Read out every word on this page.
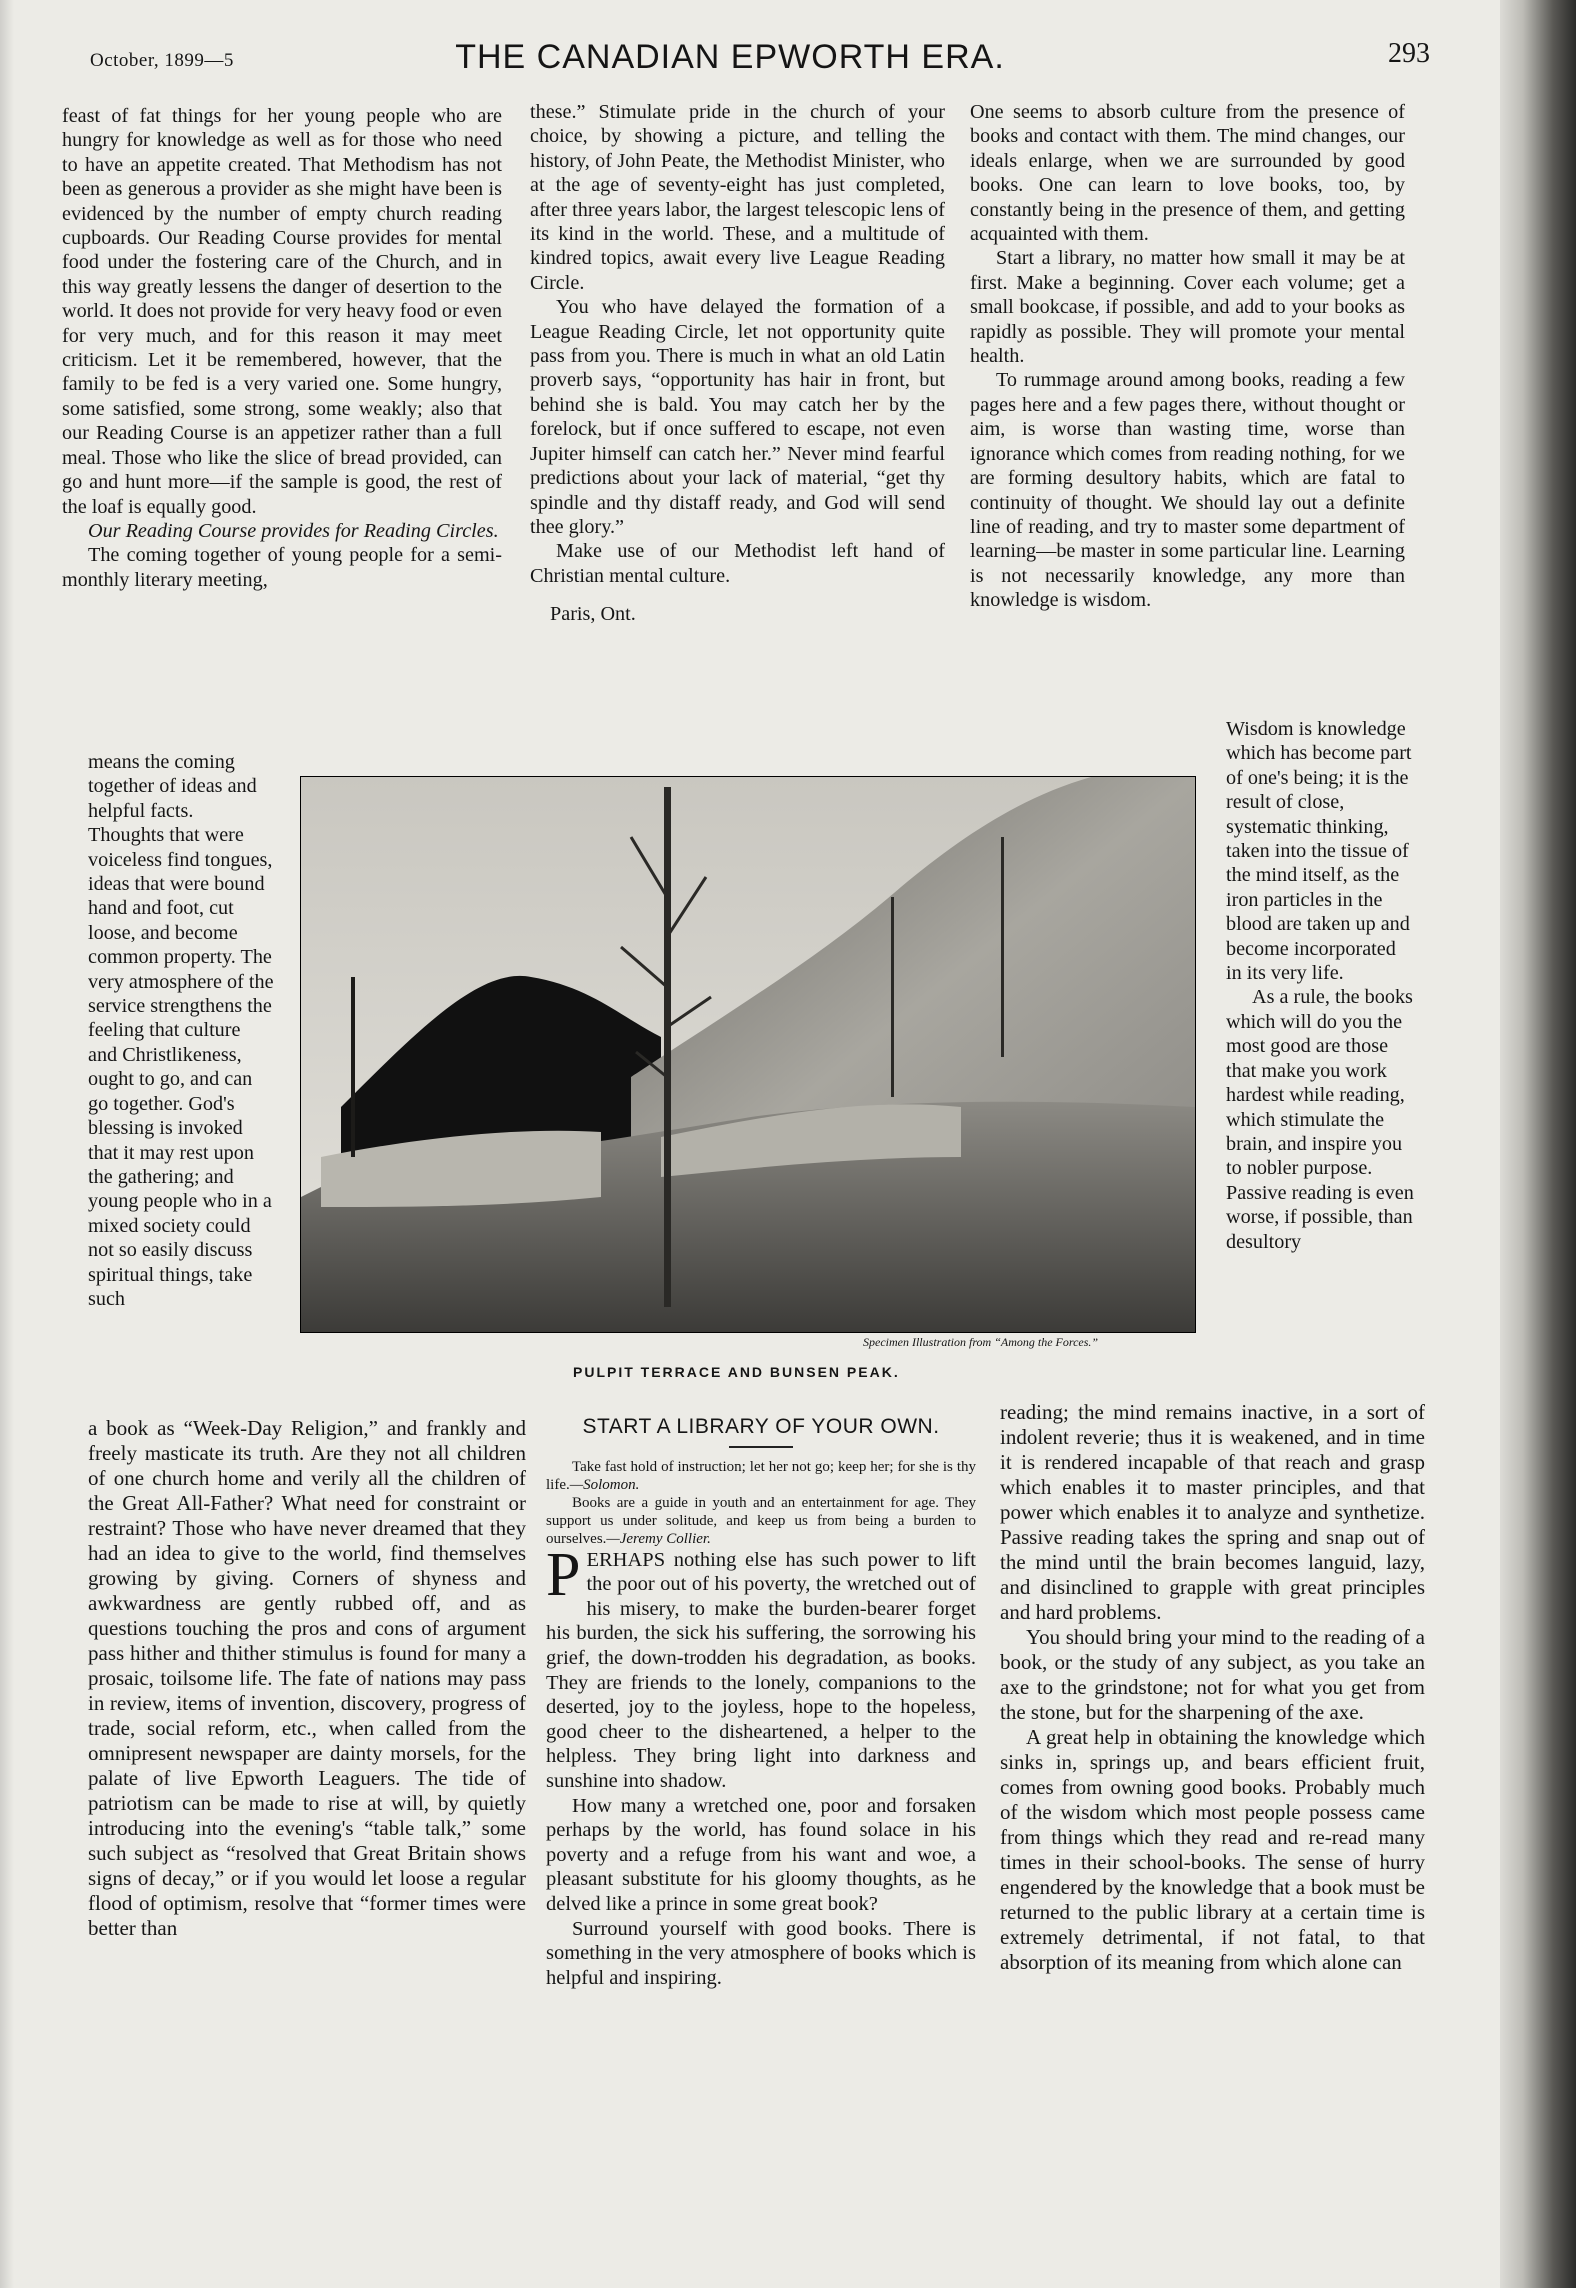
October, 1899—5	THE CANADIAN EPWORTH ERA.	293

feast of fat things for her young people who are hungry for knowledge as well as for those who need to have an appetite created. That Methodism has not been as generous a provider as she might have been is evidenced by the number of empty church reading cupboards. Our Reading Course provides for mental food under the fostering care of the Church, and in this way greatly lessens the danger of desertion to the world. It does not provide for very heavy food or even for very much, and for this reason it may meet criticism. Let it be remembered, however, that the family to be fed is a very varied one. Some hungry, some satisfied, some strong, some weakly; also that our Reading Course is an appetizer rather than a full meal. Those who like the slice of bread provided, can go and hunt more—if the sample is good, the rest of the loaf is equally good.

Our Reading Course provides for Reading Circles.

The coming together of young people for a semi-monthly literary meeting,

means the coming together of ideas and helpful facts. Thoughts that were voiceless find tongues, ideas that were bound hand and foot, cut loose, and become common property. The very atmosphere of the service strengthens the feeling that culture and Christlikeness, ought to go, and can go together. God's blessing is invoked that it may rest upon the gathering; and young people who in a mixed society could not so easily discuss spiritual things, take such

a book as “Week-Day Religion,” and frankly and freely masticate its truth. Are they not all children of one church home and verily all the children of the Great All-Father? What need for constraint or restraint? Those who have never dreamed that they had an idea to give to the world, find themselves growing by giving. Corners of shyness and awkwardness are gently rubbed off, and as questions touching the pros and cons of argument pass hither and thither stimulus is found for many a prosaic, toilsome life. The fate of nations may pass in review, items of invention, discovery, progress of trade, social reform, etc., when called from the omnipresent newspaper are dainty morsels, for the palate of live Epworth Leaguers. The tide of patriotism can be made to rise at will, by quietly introducing into the evening's “table talk,” some such subject as “resolved that Great Britain shows signs of decay,” or if you would let loose a regular flood of optimism, resolve that “former times were better than

these.” Stimulate pride in the church of your choice, by showing a picture, and telling the history, of John Peate, the Methodist Minister, who at the age of seventy-eight has just completed, after three years labor, the largest telescopic lens of its kind in the world. These, and a multitude of kindred topics, await every live League Reading Circle.

You who have delayed the formation of a League Reading Circle, let not opportunity quite pass from you. There is much in what an old Latin proverb says, “opportunity has hair in front, but behind she is bald. You may catch her by the forelock, but if once suffered to escape, not even Jupiter himself can catch her.” Never mind fearful predictions about your lack of material, “get thy spindle and thy distaff ready, and God will send thee glory.”

Make use of our Methodist left hand of Christian mental culture.

Paris, Ont.

One seems to absorb culture from the presence of books and contact with them. The mind changes, our ideals enlarge, when we are surrounded by good books. One can learn to love books, too, by constantly being in the presence of them, and getting acquainted with them.

Start a library, no matter how small it may be at first. Make a beginning. Cover each volume; get a small bookcase, if possible, and add to your books as rapidly as possible. They will promote your mental health.

To rummage around among books, reading a few pages here and a few pages there, without thought or aim, is worse than wasting time, worse than ignorance which comes from reading nothing, for we are forming desultory habits, which are fatal to continuity of thought. We should lay out a definite line of reading, and try to master some department of learning—be master in some particular line. Learning is not necessarily knowledge, any more than knowledge is wisdom.

Wisdom is knowledge which has become part of one's being; it is the result of close, systematic thinking, taken into the tissue of the mind itself, as the iron particles in the blood are taken up and become incorporated in its very life.

As a rule, the books which will do you the most good are those that make you work hardest while reading, which stimulate the brain, and inspire you to nobler purpose. Passive reading is even worse, if possible, than desultory

reading; the mind remains inactive, in a sort of indolent reverie; thus it is weakened, and in time it is rendered incapable of that reach and grasp which enables it to master principles, and that power which enables it to analyze and synthetize. Passive reading takes the spring and snap out of the mind until the brain becomes languid, lazy, and disinclined to grapple with great principles and hard problems.

You should bring your mind to the reading of a book, or the study of any subject, as you take an axe to the grindstone; not for what you get from the stone, but for the sharpening of the axe.

A great help in obtaining the knowledge which sinks in, springs up, and bears efficient fruit, comes from owning good books. Probably much of the wisdom which most people possess came from things which they read and re-read many times in their school-books. The sense of hurry engendered by the knowledge that a book must be returned to the public library at a certain time is extremely detrimental, if not fatal, to that absorption of its meaning from which alone can

Specimen Illustration from “Among the Forces.”
PULPIT TERRACE AND BUNSEN PEAK.
START A LIBRARY OF YOUR OWN.

Take fast hold of instruction; let her not go; keep her; for she is thy life.—Solomon.

Books are a guide in youth and an entertainment for age. They support us under solitude, and keep us from being a burden to ourselves.—Jeremy Collier.

PERHAPS nothing else has such power to lift the poor out of his poverty, the wretched out of his misery, to make the burden-bearer forget his burden, the sick his suffering, the sorrowing his grief, the down-trodden his degradation, as books. They are friends to the lonely, companions to the deserted, joy to the joyless, hope to the hopeless, good cheer to the disheartened, a helper to the helpless. They bring light into darkness and sunshine into shadow.

How many a wretched one, poor and forsaken perhaps by the world, has found solace in his poverty and a refuge from his want and woe, a pleasant substitute for his gloomy thoughts, as he delved like a prince in some great book?

Surround yourself with good books. There is something in the very atmosphere of books which is helpful and inspiring.
